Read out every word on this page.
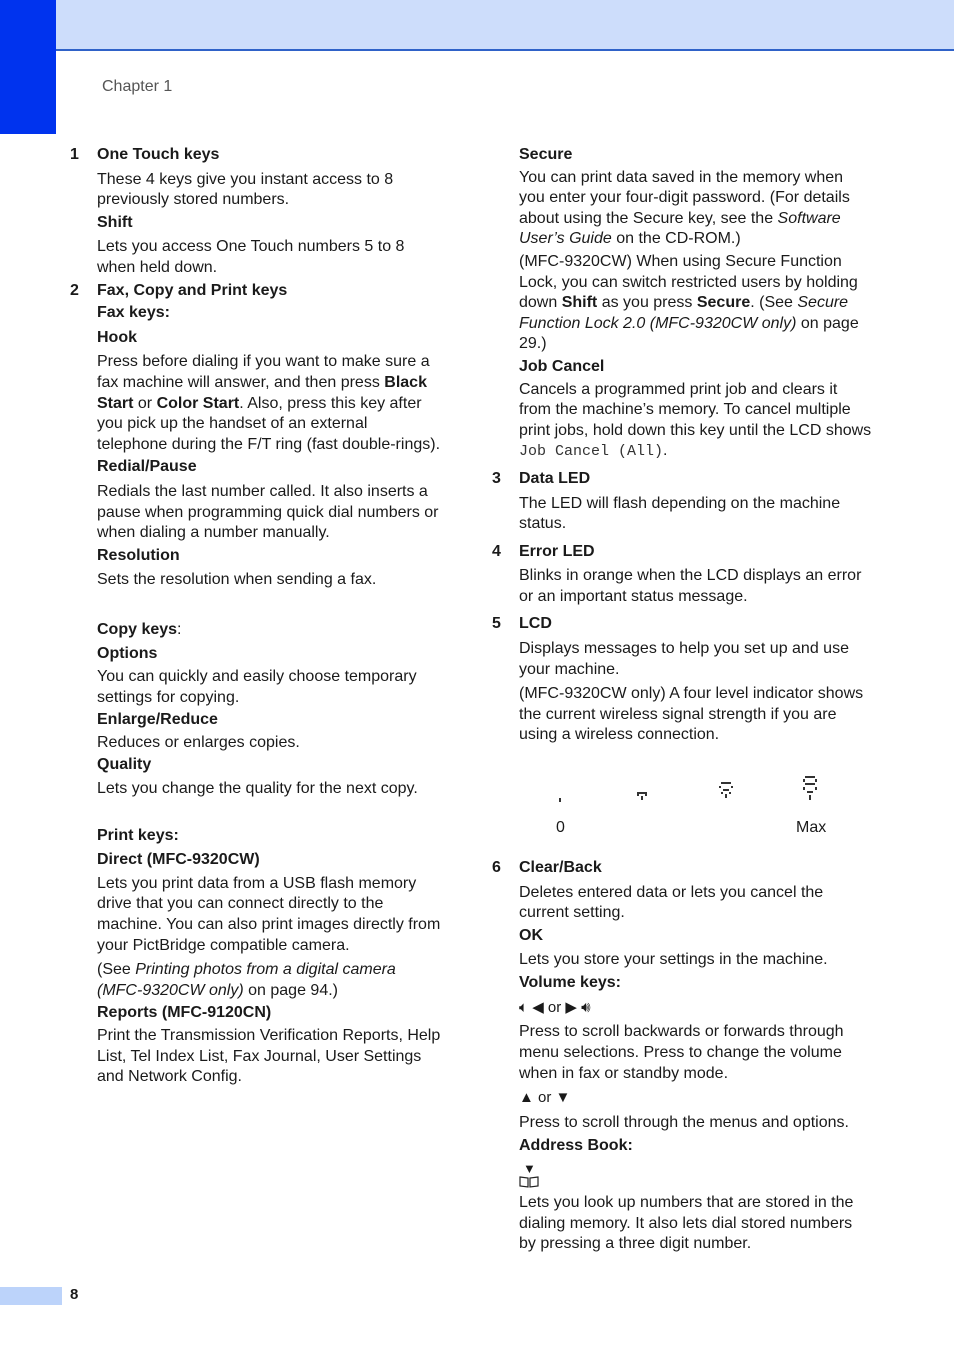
Chapter 1
1 One Touch keys
These 4 keys give you instant access to 8 previously stored numbers.
Shift
Lets you access One Touch numbers 5 to 8 when held down.
2 Fax, Copy and Print keys
Fax keys:
Hook
Press before dialing if you want to make sure a fax machine will answer, and then press Black Start or Color Start. Also, press this key after you pick up the handset of an external telephone during the F/T ring (fast double-rings).
Redial/Pause
Redials the last number called. It also inserts a pause when programming quick dial numbers or when dialing a number manually.
Resolution
Sets the resolution when sending a fax.
Copy keys:
Options
You can quickly and easily choose temporary settings for copying.
Enlarge/Reduce
Reduces or enlarges copies.
Quality
Lets you change the quality for the next copy.
Print keys:
Direct (MFC-9320CW)
Lets you print data from a USB flash memory drive that you can connect directly to the machine. You can also print images directly from your PictBridge compatible camera.
(See Printing photos from a digital camera (MFC-9320CW only) on page 94.)
Reports (MFC-9120CN)
Print the Transmission Verification Reports, Help List, Tel Index List, Fax Journal, User Settings and Network Config.
Secure
You can print data saved in the memory when you enter your four-digit password. (For details about using the Secure key, see the Software User’s Guide on the CD-ROM.)
(MFC-9320CW) When using Secure Function Lock, you can switch restricted users by holding down Shift as you press Secure. (See Secure Function Lock 2.0 (MFC-9320CW only) on page 29.)
Job Cancel
Cancels a programmed print job and clears it from the machine’s memory. To cancel multiple print jobs, hold down this key until the LCD shows Job Cancel (All).
3 Data LED
The LED will flash depending on the machine status.
4 Error LED
Blinks in orange when the LCD displays an error or an important status message.
5 LCD
Displays messages to help you set up and use your machine.
(MFC-9320CW only) A four level indicator shows the current wireless signal strength if you are using a wireless connection.
0	Max
6 Clear/Back
Deletes entered data or lets you cancel the current setting.
OK
Lets you store your settings in the machine.
Volume keys:
🔈︎ ◀ or ▶ 🔊︎
Press to scroll backwards or forwards through menu selections. Press to change the volume when in fax or standby mode.
▲ or ▼
Press to scroll through the menus and options.
Address Book:
▼
Lets you look up numbers that are stored in the dialing memory. It also lets dial stored numbers by pressing a three digit number.
8
